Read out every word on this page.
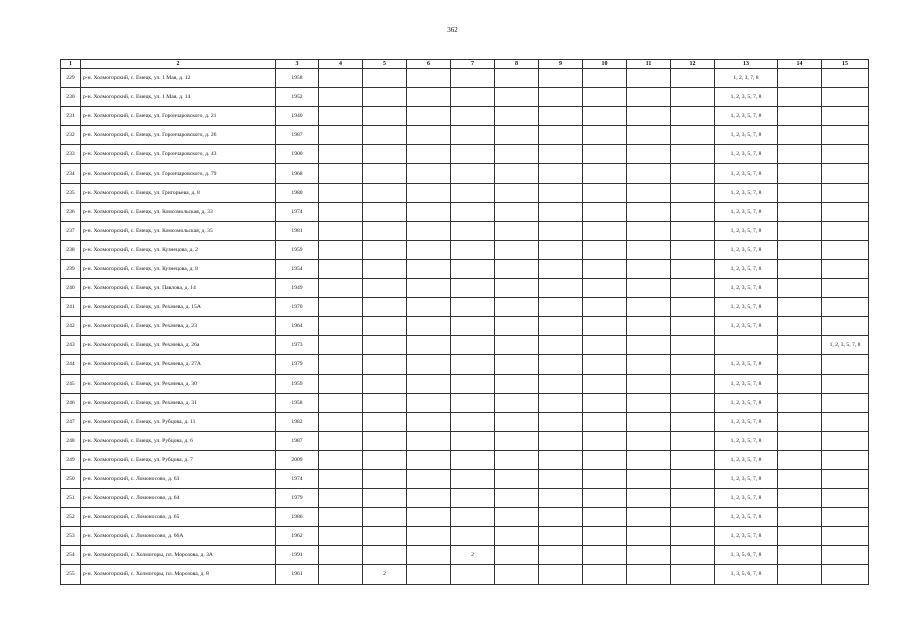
362
1	2	3	4	5	6	7	8	9	10	11	12	13	14	15
229	р-н. Холмогорский, с. Емецк, ул. 1 Мая, д. 12	1958										1, 2, 3, 7, 8		
230	р-н. Холмогорский, с. Емецк, ул. 1 Мая, д. 14	1952										1, 2, 3, 5, 7, 8		
231	р-н. Холмогорский, с. Емецк, ул. Горончаровского, д. 21	1940										1, 2, 3, 5, 7, 8		
232	р-н. Холмогорский, с. Емецк, ул. Горончаровского, д. 26	1987										1, 2, 3, 5, 7, 8		
233	р-н. Холмогорский, с. Емецк, ул. Горончаровского, д. 43	1900										1, 2, 3, 5, 7, 8		
234	р-н. Холмогорский, с. Емецк, ул. Горончаровского, д. 79	1968										1, 2, 3, 5, 7, 8		
235	р-н. Холмогорский, с. Емецк, ул. Григорьева, д. 8	1980										1, 2, 3, 5, 7, 8		
236	р-н. Холмогорский, с. Емецк, ул. Комсомольская, д. 33	1974										1, 2, 3, 5, 7, 8		
237	р-н. Холмогорский, с. Емецк, ул. Комсомольская, д. 35	1981										1, 2, 3, 5, 7, 8		
238	р-н. Холмогорский, с. Емецк, ул. Кузнецова, д. 2	1959										1, 2, 3, 5, 7, 8		
239	р-н. Холмогорский, с. Емецк, ул. Кузнецова, д. 8	1954										1, 2, 3, 5, 7, 8		
240	р-н. Холмогорский, с. Емецк, ул. Павлова, д. 14	1949										1, 2, 3, 5, 7, 8		
241	р-н. Холмогорский, с. Емецк, ул. Рехачева, д. 15А	1970										1, 2, 3, 5, 7, 8		
242	р-н. Холмогорский, с. Емецк, ул. Рехачева, д. 23	1964										1, 2, 3, 5, 7, 8		
243	р-н. Холмогорский, с. Емецк, ул. Рехачева, д. 26а	1973												1, 2, 3, 5, 7, 8
244	р-н. Холмогорский, с. Емецк, ул. Рехачева, д. 27А	1979										1, 2, 3, 5, 7, 8		
245	р-н. Холмогорский, с. Емецк, ул. Рехачева, д. 30	1959										1, 2, 3, 5, 7, 8		
246	р-н. Холмогорский, с. Емецк, ул. Рехачева, д. 31	1958										1, 2, 3, 5, 7, 8		
247	р-н. Холмогорский, с. Емецк, ул. Рубцова, д. 11	1982										1, 2, 3, 5, 7, 8		
248	р-н. Холмогорский, с. Емецк, ул. Рубцова, д. 6	1987										1, 2, 3, 5, 7, 8		
249	р-н. Холмогорский, с. Емецк, ул. Рубцова, д. 7	2009										1, 2, 3, 5, 7, 8		
250	р-н. Холмогорский, с. Ломоносово, д. 63	1974										1, 2, 3, 5, 7, 8		
251	р-н. Холмогорский, с. Ломоносово, д. 64	1979										1, 2, 3, 5, 7, 8		
252	р-н. Холмогорский, с. Ломоносово, д. 65	1986										1, 2, 3, 5, 7, 8		
253	р-н. Холмогорский, с. Ломоносово, д. 66А	1962										1, 2, 3, 5, 7, 8		
254	р-н. Холмогорский, с. Холмогоры, пл. Морозова, д. 3А	1991				2						1, 3, 5, 6, 7, 8		
255	р-н. Холмогорский, с. Холмогоры, пл. Морозова, д. 8	1961		2								1, 3, 5, 6, 7, 8		
